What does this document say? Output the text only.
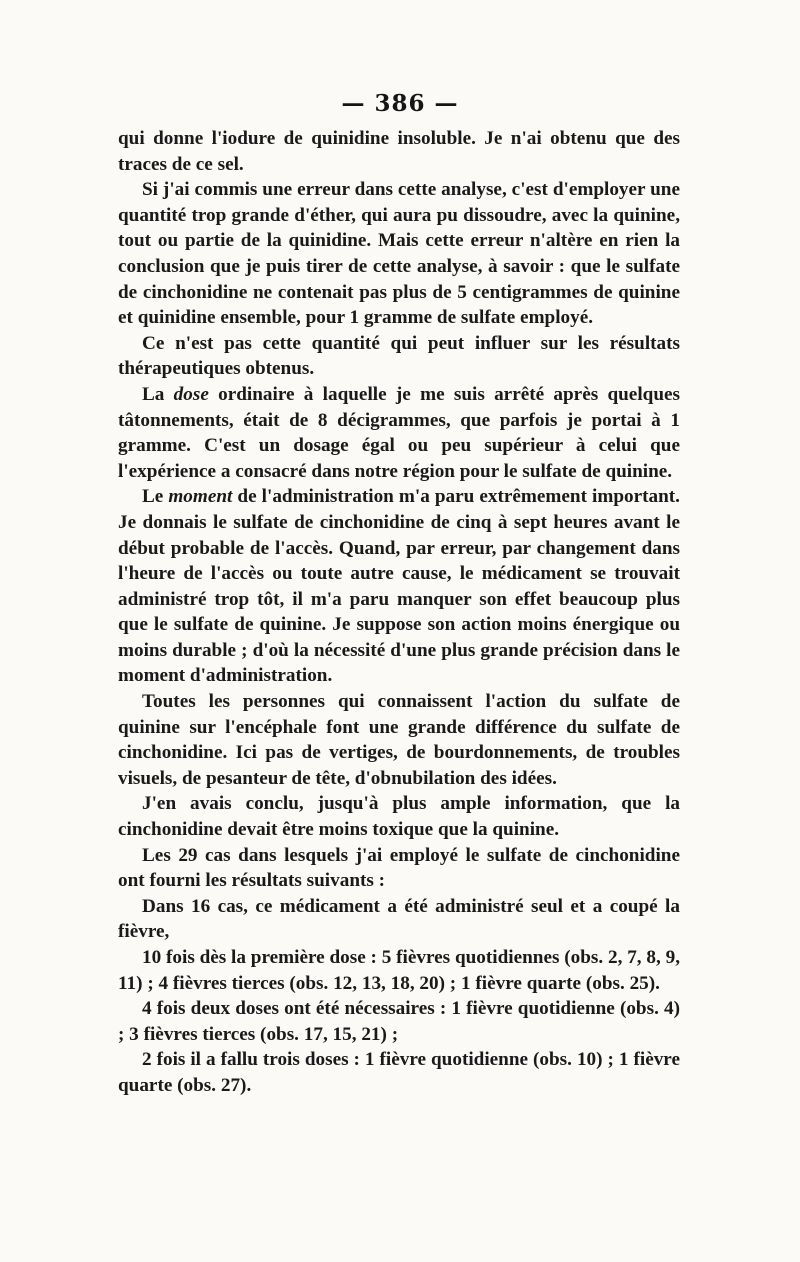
— 386 —

qui donne l'iodure de quinidine insoluble. Je n'ai obtenu que des traces de ce sel.

Si j'ai commis une erreur dans cette analyse, c'est d'employer une quantité trop grande d'éther, qui aura pu dissoudre, avec la quinine, tout ou partie de la quinidine. Mais cette erreur n'altère en rien la conclusion que je puis tirer de cette analyse, à savoir : que le sulfate de cinchonidine ne contenait pas plus de 5 centigrammes de quinine et quinidine ensemble, pour 1 gramme de sulfate employé.

Ce n'est pas cette quantité qui peut influer sur les résultats thérapeutiques obtenus.

La dose ordinaire à laquelle je me suis arrêté après quelques tâtonnements, était de 8 décigrammes, que parfois je portai à 1 gramme. C'est un dosage égal ou peu supérieur à celui que l'expérience a consacré dans notre région pour le sulfate de quinine.

Le moment de l'administration m'a paru extrêmement important. Je donnais le sulfate de cinchonidine de cinq à sept heures avant le début probable de l'accès. Quand, par erreur, par changement dans l'heure de l'accès ou toute autre cause, le médicament se trouvait administré trop tôt, il m'a paru manquer son effet beaucoup plus que le sulfate de quinine. Je suppose son action moins énergique ou moins durable ; d'où la nécessité d'une plus grande précision dans le moment d'administration.

Toutes les personnes qui connaissent l'action du sulfate de quinine sur l'encéphale font une grande différence du sulfate de cinchonidine. Ici pas de vertiges, de bourdonnements, de troubles visuels, de pesanteur de tête, d'obnubilation des idées.

J'en avais conclu, jusqu'à plus ample information, que la cinchonidine devait être moins toxique que la quinine.

Les 29 cas dans lesquels j'ai employé le sulfate de cinchonidine ont fourni les résultats suivants :

Dans 16 cas, ce médicament a été administré seul et a coupé la fièvre,

10 fois dès la première dose : 5 fièvres quotidiennes (obs. 2, 7, 8, 9, 11) ; 4 fièvres tierces (obs. 12, 13, 18, 20) ; 1 fièvre quarte (obs. 25).

4 fois deux doses ont été nécessaires : 1 fièvre quotidienne (obs. 4) ; 3 fièvres tierces (obs. 17, 15, 21) ;

2 fois il a fallu trois doses : 1 fièvre quotidienne (obs. 10) ; 1 fièvre quarte (obs. 27).
